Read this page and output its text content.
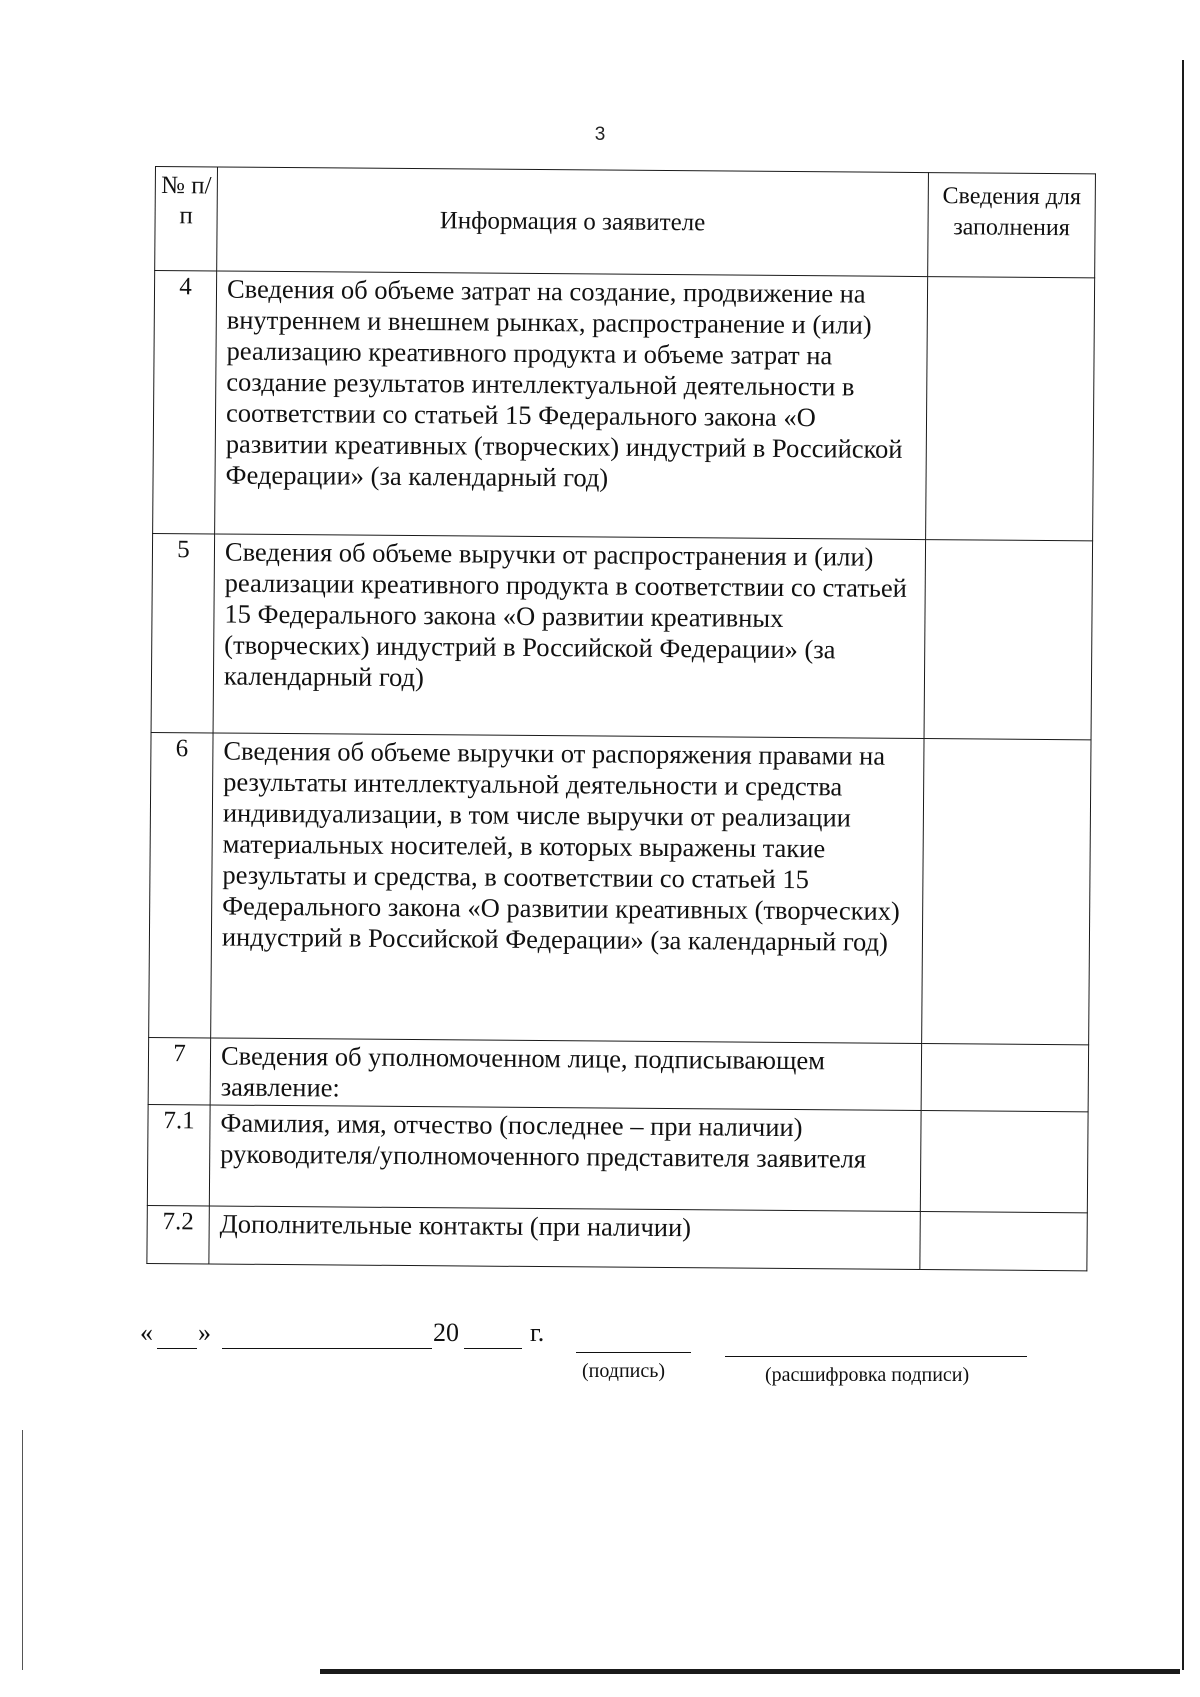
3
№ п/п	Информация о заявителе	Сведения для заполнения
4	Сведения об объеме затрат на создание, продвижение на внутреннем и внешнем рынках, распространение и (или) реализацию креативного продукта и объеме затрат на создание результатов интеллектуальной деятельности в соответствии со статьей 15 Федерального закона «О развитии креативных (творческих) индустрий в Российской Федерации» (за календарный год)	
5	Сведения об объеме выручки от распространения и (или) реализации креативного продукта в соответствии со статьей 15 Федерального закона «О развитии креативных (творческих) индустрий в Российской Федерации» (за календарный год)	
6	Сведения об объеме выручки от распоряжения правами на результаты интеллектуальной деятельности и средства индивидуализации, в том числе выручки от реализации материальных носителей, в которых выражены такие результаты и средства, в соответствии со статьей 15 Федерального закона «О развитии креативных (творческих) индустрий в Российской Федерации» (за календарный год)	
7	Сведения об уполномоченном лице, подписывающем заявление:	
7.1	Фамилия, имя, отчество (последнее – при наличии) руководителя/уполномоченного представителя заявителя	
7.2	Дополнительные контакты (при наличии)	
« »	20	г.
(подпись)	(расшифровка подписи)
